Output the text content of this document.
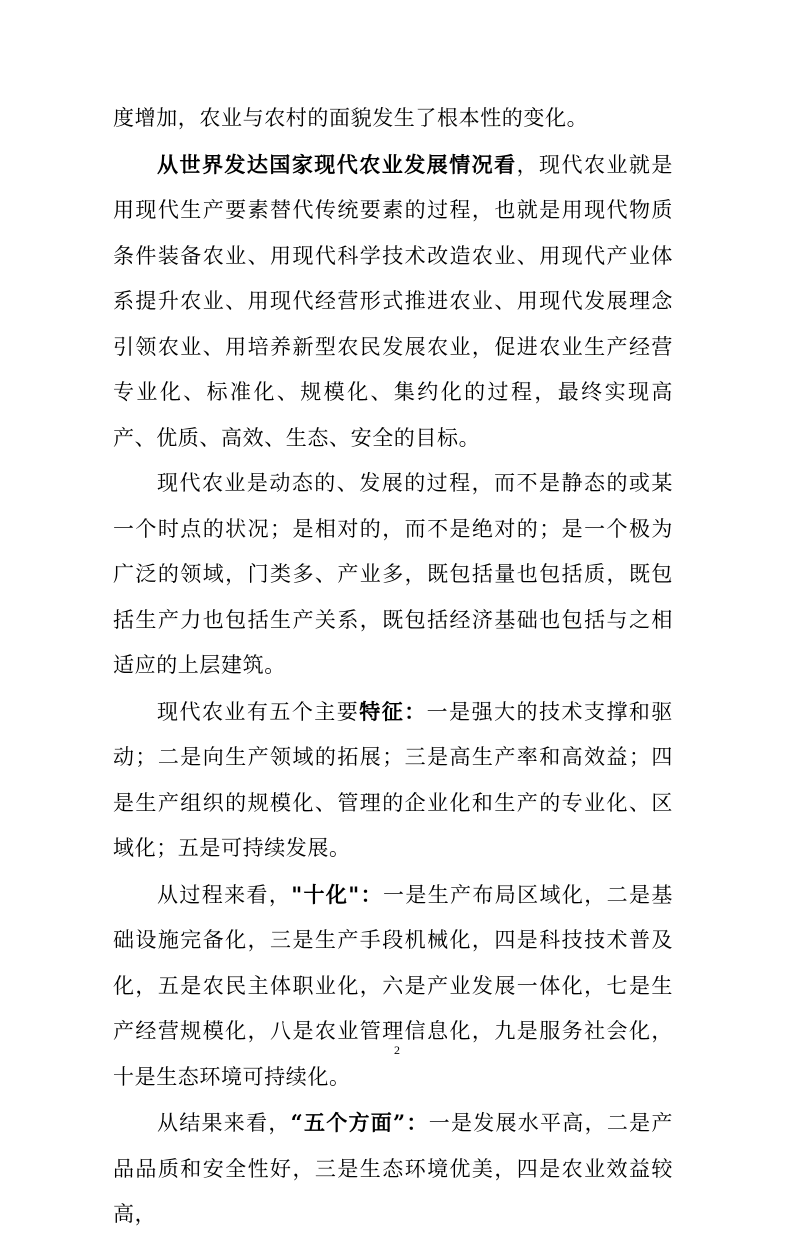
度增加，农业与农村的面貌发生了根本性的变化。

从世界发达国家现代农业发展情况看，现代农业就是用现代生产要素替代传统要素的过程，也就是用现代物质条件装备农业、用现代科学技术改造农业、用现代产业体系提升农业、用现代经营形式推进农业、用现代发展理念引领农业、用培养新型农民发展农业，促进农业生产经营专业化、标准化、规模化、集约化的过程，最终实现高产、优质、高效、生态、安全的目标。

现代农业是动态的、发展的过程，而不是静态的或某一个时点的状况；是相对的，而不是绝对的；是一个极为广泛的领域，门类多、产业多，既包括量也包括质，既包括生产力也包括生产关系，既包括经济基础也包括与之相适应的上层建筑。

现代农业有五个主要特征：一是强大的技术支撑和驱动；二是向生产领域的拓展；三是高生产率和高效益；四是生产组织的规模化、管理的企业化和生产的专业化、区域化；五是可持续发展。

从过程来看，"十化"：一是生产布局区域化，二是基础设施完备化，三是生产手段机械化，四是科技技术普及化，五是农民主体职业化，六是产业发展一体化，七是生产经营规模化，八是农业管理信息化，九是服务社会化，十是生态环境可持续化。

从结果来看，“五个方面”：一是发展水平高，二是产品品质和安全性好，三是生态环境优美，四是农业效益较高，

2
